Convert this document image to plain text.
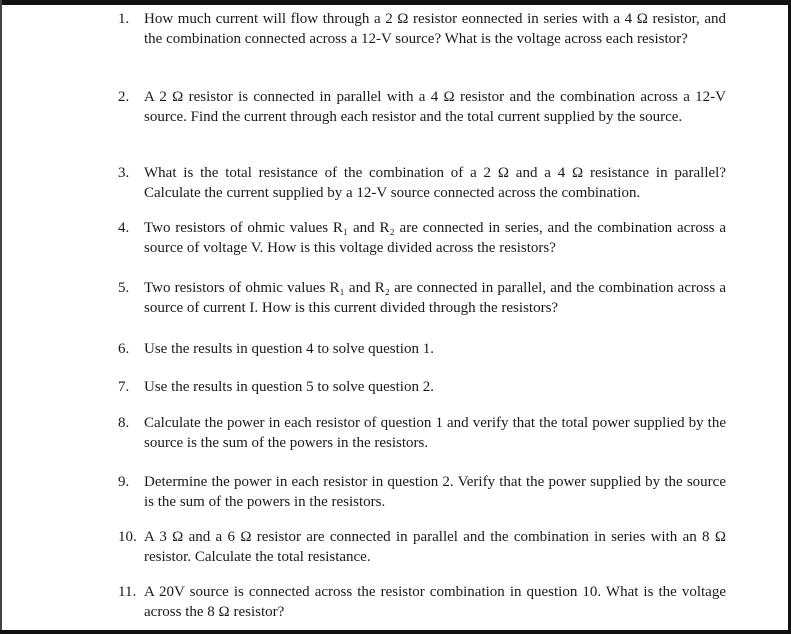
1. How much current will flow through a 2 Ω resistor eonnected in series with a 4 Ω resistor, and the combination connected across a 12-V source? What is the voltage across each resistor?
2. A 2 Ω resistor is connected in parallel with a 4 Ω resistor and the combination across a 12-V source. Find the current through each resistor and the total current supplied by the source.
3. What is the total resistance of the combination of a 2 Ω and a 4 Ω resistance in parallel? Calculate the current supplied by a 12-V source connected across the combination.
4. Two resistors of ohmic values R₁ and R₂ are connected in series, and the combination across a source of voltage V. How is this voltage divided across the resistors?
5. Two resistors of ohmic values R₁ and R₂ are connected in parallel, and the combination across a source of current I. How is this current divided through the resistors?
6. Use the results in question 4 to solve question 1.
7. Use the results in question 5 to solve question 2.
8. Calculate the power in each resistor of question 1 and verify that the total power supplied by the source is the sum of the powers in the resistors.
9. Determine the power in each resistor in question 2. Verify that the power supplied by the source is the sum of the powers in the resistors.
10. A 3 Ω and a 6 Ω resistor are connected in parallel and the combination in series with an 8 Ω resistor. Calculate the total resistance.
11. A 20V source is connected across the resistor combination in question 10. What is the voltage across the 8 Ω resistor?
